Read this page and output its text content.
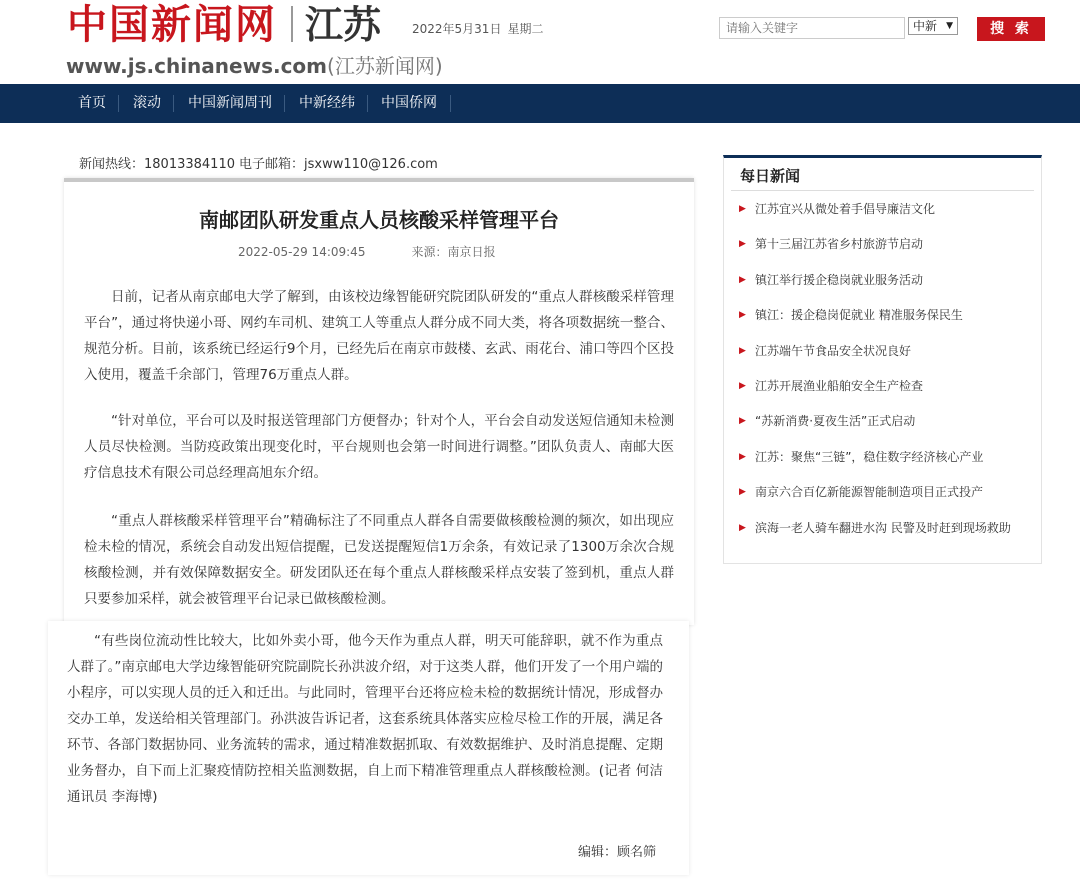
中国新闻网 江苏	2022年5月31日 星期二
www.js.chinanews.com(江苏新闻网)
请输入关键字	中新 ▼	搜 索
首页 滚动 中国新闻周刊 中新经纬 中国侨网
新闻热线：18013384110 电子邮箱：jsxww110@126.com
南邮团队研发重点人员核酸采样管理平台
2022-05-29 14:09:45	来源：南京日报

日前，记者从南京邮电大学了解到，由该校边缘智能研究院团队研发的“重点人群核酸采样管理平台”，通过将快递小哥、网约车司机、建筑工人等重点人群分成不同大类，将各项数据统一整合、规范分析。目前，该系统已经运行9个月，已经先后在南京市鼓楼、玄武、雨花台、浦口等四个区投入使用，覆盖千余部门，管理76万重点人群。

“针对单位，平台可以及时报送管理部门方便督办；针对个人，平台会自动发送短信通知未检测人员尽快检测。当防疫政策出现变化时，平台规则也会第一时间进行调整。”团队负责人、南邮大医疗信息技术有限公司总经理高旭东介绍。

“重点人群核酸采样管理平台”精确标注了不同重点人群各自需要做核酸检测的频次，如出现应检未检的情况，系统会自动发出短信提醒，已发送提醒短信1万余条，有效记录了1300万余次合规核酸检测，并有效保障数据安全。研发团队还在每个重点人群核酸采样点安装了签到机，重点人群只要参加采样，就会被管理平台记录已做核酸检测。

“有些岗位流动性比较大，比如外卖小哥，他今天作为重点人群，明天可能辞职，就不作为重点人群了。”南京邮电大学边缘智能研究院副院长孙洪波介绍，对于这类人群，他们开发了一个用户端的小程序，可以实现人员的迁入和迁出。与此同时，管理平台还将应检未检的数据统计情况，形成督办交办工单，发送给相关管理部门。孙洪波告诉记者，这套系统具体落实应检尽检工作的开展，满足各环节、各部门数据协同、业务流转的需求，通过精准数据抓取、有效数据维护、及时消息提醒、定期业务督办，自下而上汇聚疫情防控相关监测数据，自上而下精准管理重点人群核酸检测。(记者 何洁 通讯员 李海博)

编辑：顾名筛
每日新闻
▶ 江苏宜兴从微处着手倡导廉洁文化
▶ 第十三届江苏省乡村旅游节启动
▶ 镇江举行援企稳岗就业服务活动
▶ 镇江：援企稳岗促就业 精准服务保民生
▶ 江苏端午节食品安全状况良好
▶ 江苏开展渔业船舶安全生产检查
▶ “苏新消费·夏夜生活”正式启动
▶ 江苏：聚焦“三链”，稳住数字经济核心产业
▶ 南京六合百亿新能源智能制造项目正式投产
▶ 滨海一老人骑车翻进水沟 民警及时赶到现场救助
